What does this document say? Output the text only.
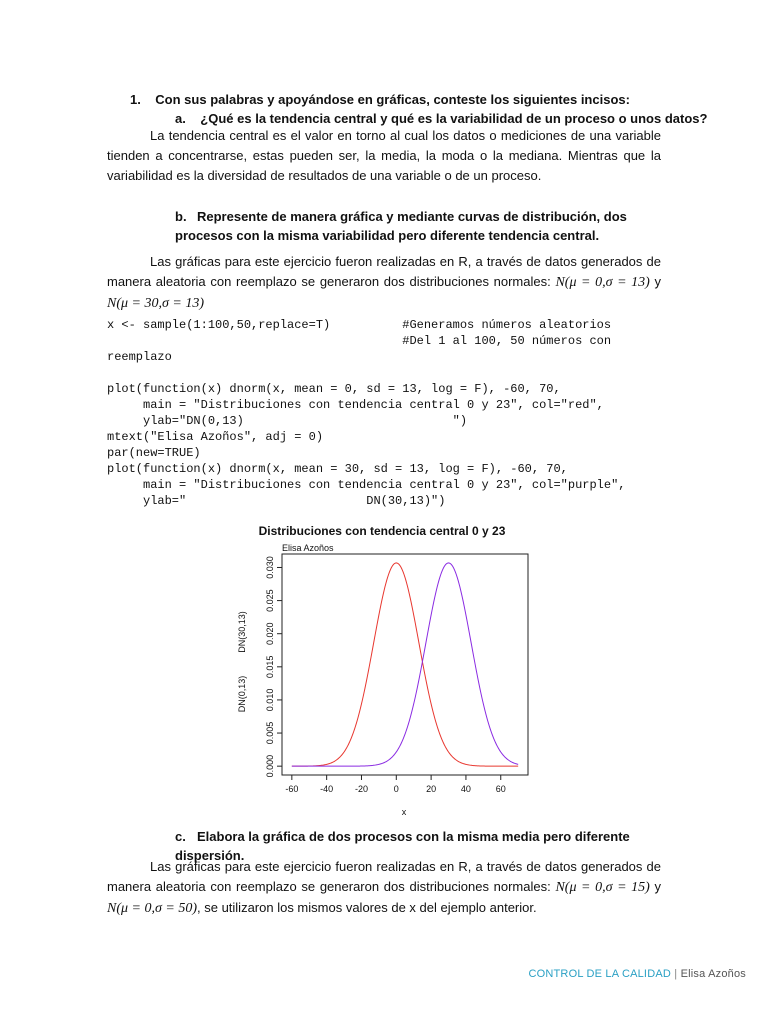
1. Con sus palabras y apoyándose en gráficas, conteste los siguientes incisos:
a. ¿Qué es la tendencia central y qué es la variabilidad de un proceso o unos datos?

La tendencia central es el valor en torno al cual los datos o mediciones de una variable tienden a concentrarse, estas pueden ser, la media, la moda o la mediana. Mientras que la variabilidad es la diversidad de resultados de una variable o de un proceso.

b. Represente de manera gráfica y mediante curvas de distribución, dos procesos con la misma variabilidad pero diferente tendencia central.

Las gráficas para este ejercicio fueron realizadas en R, a través de datos generados de manera aleatoria con reemplazo se generaron dos distribuciones normales: N(μ = 0,σ = 13) y N(μ = 30,σ = 13)

x <- sample(1:100,50,replace=T)          #Generamos números aleatorios
#Del 1 al 100, 50 números con
reemplazo
plot(function(x) dnorm(x, mean = 0, sd = 13, log = F), -60, 70,
main = "Distribuciones con tendencia central 0 y 23", col="red",
ylab="DN(0,13)                             ")
mtext("Elisa Azoños", adj = 0)
par(new=TRUE)
plot(function(x) dnorm(x, mean = 30, sd = 13, log = F), -60, 70,
main = "Distribuciones con tendencia central 0 y 23", col="purple",
ylab="                         DN(30,13)")
Distribuciones con tendencia central 0 y 23
Elisa Azoños
-60 -40 -20	0	20	40	60
0.000
0.005
0.010
0.015
0.020
0.025
0.030
x
DN(0,13)
DN(30,13)
c. Elabora la gráfica de dos procesos con la misma media pero diferente dispersión.

Las gráficas para este ejercicio fueron realizadas en R, a través de datos generados de manera aleatoria con reemplazo se generaron dos distribuciones normales: N(μ = 0,σ = 15) y N(μ = 0,σ = 50), se utilizaron los mismos valores de x del ejemplo anterior.

CONTROL DE LA CALIDAD | Elisa Azoños
